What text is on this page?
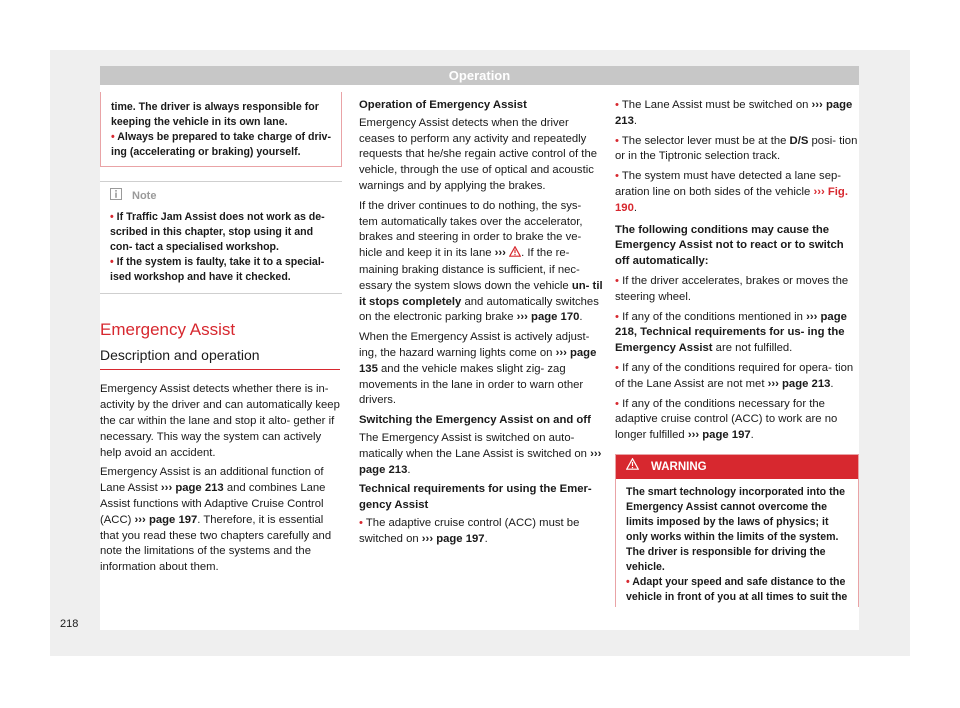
Operation
time. The driver is always responsible for keeping the vehicle in its own lane.
• Always be prepared to take charge of driv- ing (accelerating or braking) yourself.
Note
• If Traffic Jam Assist does not work as de- scribed in this chapter, stop using it and con- tact a specialised workshop.
• If the system is faulty, take it to a special- ised workshop and have it checked.
Emergency Assist
Description and operation

Emergency Assist detects whether there is in- activity by the driver and can automatically keep the car within the lane and stop it alto- gether if necessary. This way the system can actively help avoid an accident.

Emergency Assist is an additional function of Lane Assist ››› page 213 and combines Lane Assist functions with Adaptive Cruise Control (ACC) ››› page 197. Therefore, it is essential that you read these two chapters carefully and note the limitations of the systems and the information about them.

Operation of Emergency Assist

Emergency Assist detects when the driver ceases to perform any activity and repeatedly requests that he/she regain active control of the vehicle, through the use of optical and acoustic warnings and by applying the brakes.

If the driver continues to do nothing, the sys- tem automatically takes over the accelerator, brakes and steering in order to brake the ve- hicle and keep it in its lane ››› . If the re- maining braking distance is sufficient, if nec- essary the system slows down the vehicle un- til it stops completely and automatically switches on the electronic parking brake ››› page 170.

When the Emergency Assist is actively adjust- ing, the hazard warning lights come on ››› page 135 and the vehicle makes slight zig- zag movements in the lane in order to warn other drivers.

Switching the Emergency Assist on and off

The Emergency Assist is switched on auto- matically when the Lane Assist is switched on ››› page 213.

Technical requirements for using the Emer- gency Assist

• The adaptive cruise control (ACC) must be switched on ››› page 197.

• The Lane Assist must be switched on ››› page 213.

• The selector lever must be at the D/S posi- tion or in the Tiptronic selection track.

• The system must have detected a lane sep- aration line on both sides of the vehicle ››› Fig. 190.

The following conditions may cause the Emergency Assist not to react or to switch off automatically:

• If the driver accelerates, brakes or moves the steering wheel.

• If any of the conditions mentioned in ››› page 218, Technical requirements for us- ing the Emergency Assist are not fulfilled.

• If any of the conditions required for opera- tion of the Lane Assist are not met ››› page 213.

• If any of the conditions necessary for the adaptive cruise control (ACC) to work are no longer fulfilled ››› page 197.

WARNING
The smart technology incorporated into the Emergency Assist cannot overcome the limits imposed by the laws of physics; it only works within the limits of the system. The driver is responsible for driving the vehicle.
• Adapt your speed and safe distance to the vehicle in front of you at all times to suit the
218
